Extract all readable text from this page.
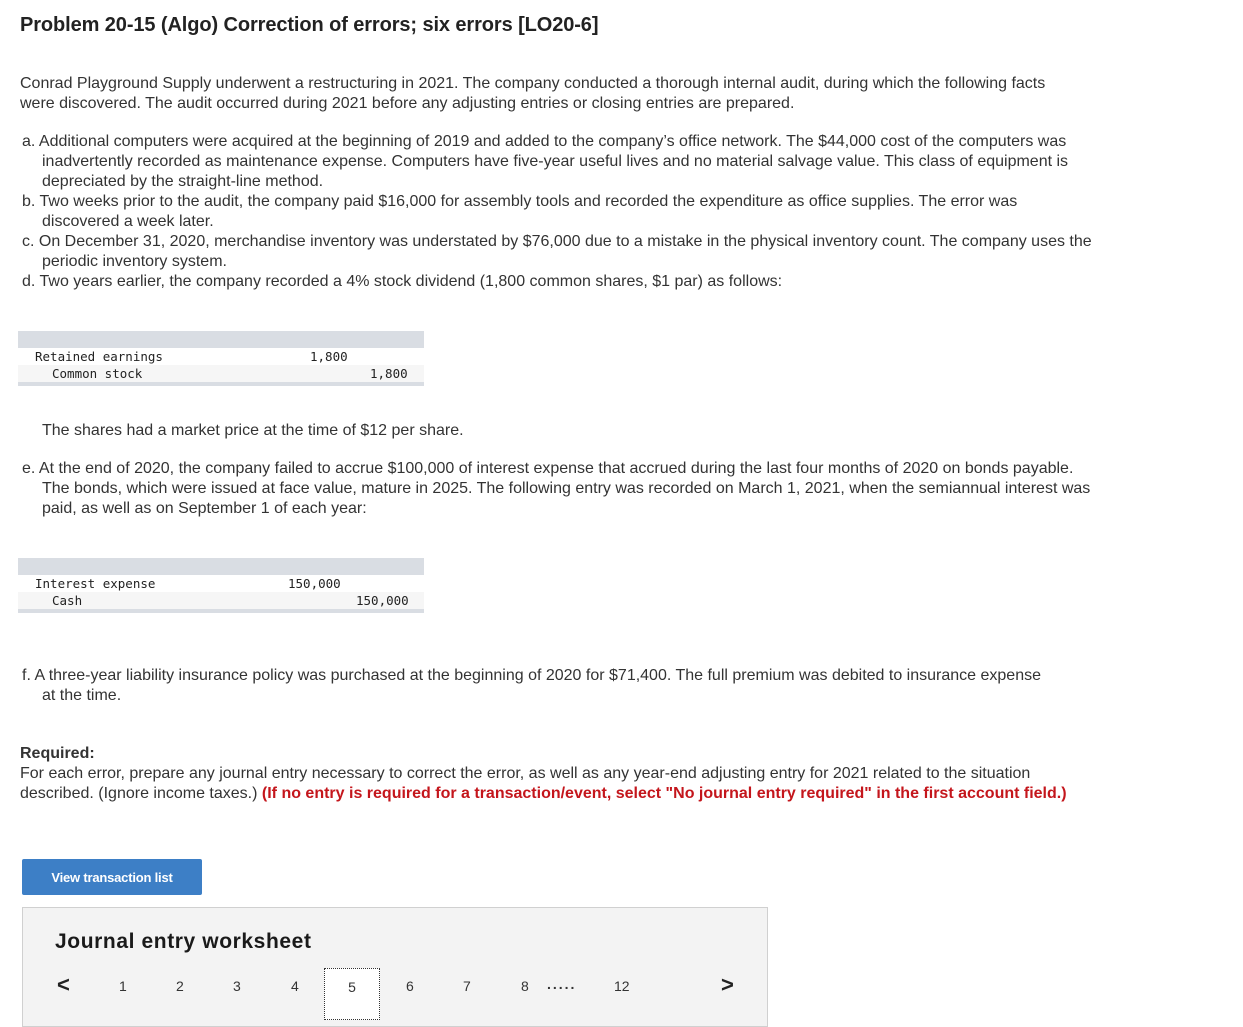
Problem 20-15 (Algo) Correction of errors; six errors [LO20-6]
Conrad Playground Supply underwent a restructuring in 2021. The company conducted a thorough internal audit, during which the following facts were discovered. The audit occurred during 2021 before any adjusting entries or closing entries are prepared.
a. Additional computers were acquired at the beginning of 2019 and added to the company’s office network. The $44,000 cost of the computers was inadvertently recorded as maintenance expense. Computers have five-year useful lives and no material salvage value. This class of equipment is depreciated by the straight-line method.
b. Two weeks prior to the audit, the company paid $16,000 for assembly tools and recorded the expenditure as office supplies. The error was discovered a week later.
c. On December 31, 2020, merchandise inventory was understated by $76,000 due to a mistake in the physical inventory count. The company uses the periodic inventory system.
d. Two years earlier, the company recorded a 4% stock dividend (1,800 common shares, $1 par) as follows:
Retained earnings	1,800
Common stock	1,800
The shares had a market price at the time of $12 per share.
e. At the end of 2020, the company failed to accrue $100,000 of interest expense that accrued during the last four months of 2020 on bonds payable. The bonds, which were issued at face value, mature in 2025. The following entry was recorded on March 1, 2021, when the semiannual interest was paid, as well as on September 1 of each year:
Interest expense	150,000
Cash	150,000
f. A three-year liability insurance policy was purchased at the beginning of 2020 for $71,400. The full premium was debited to insurance expense at the time.
Required:
For each error, prepare any journal entry necessary to correct the error, as well as any year-end adjusting entry for 2021 related to the situation described. (Ignore income taxes.) (If no entry is required for a transaction/event, select "No journal entry required" in the first account field.)
View transaction list
Journal entry worksheet
<	1	2	3	4	5	6	7	8 .....	12	>
